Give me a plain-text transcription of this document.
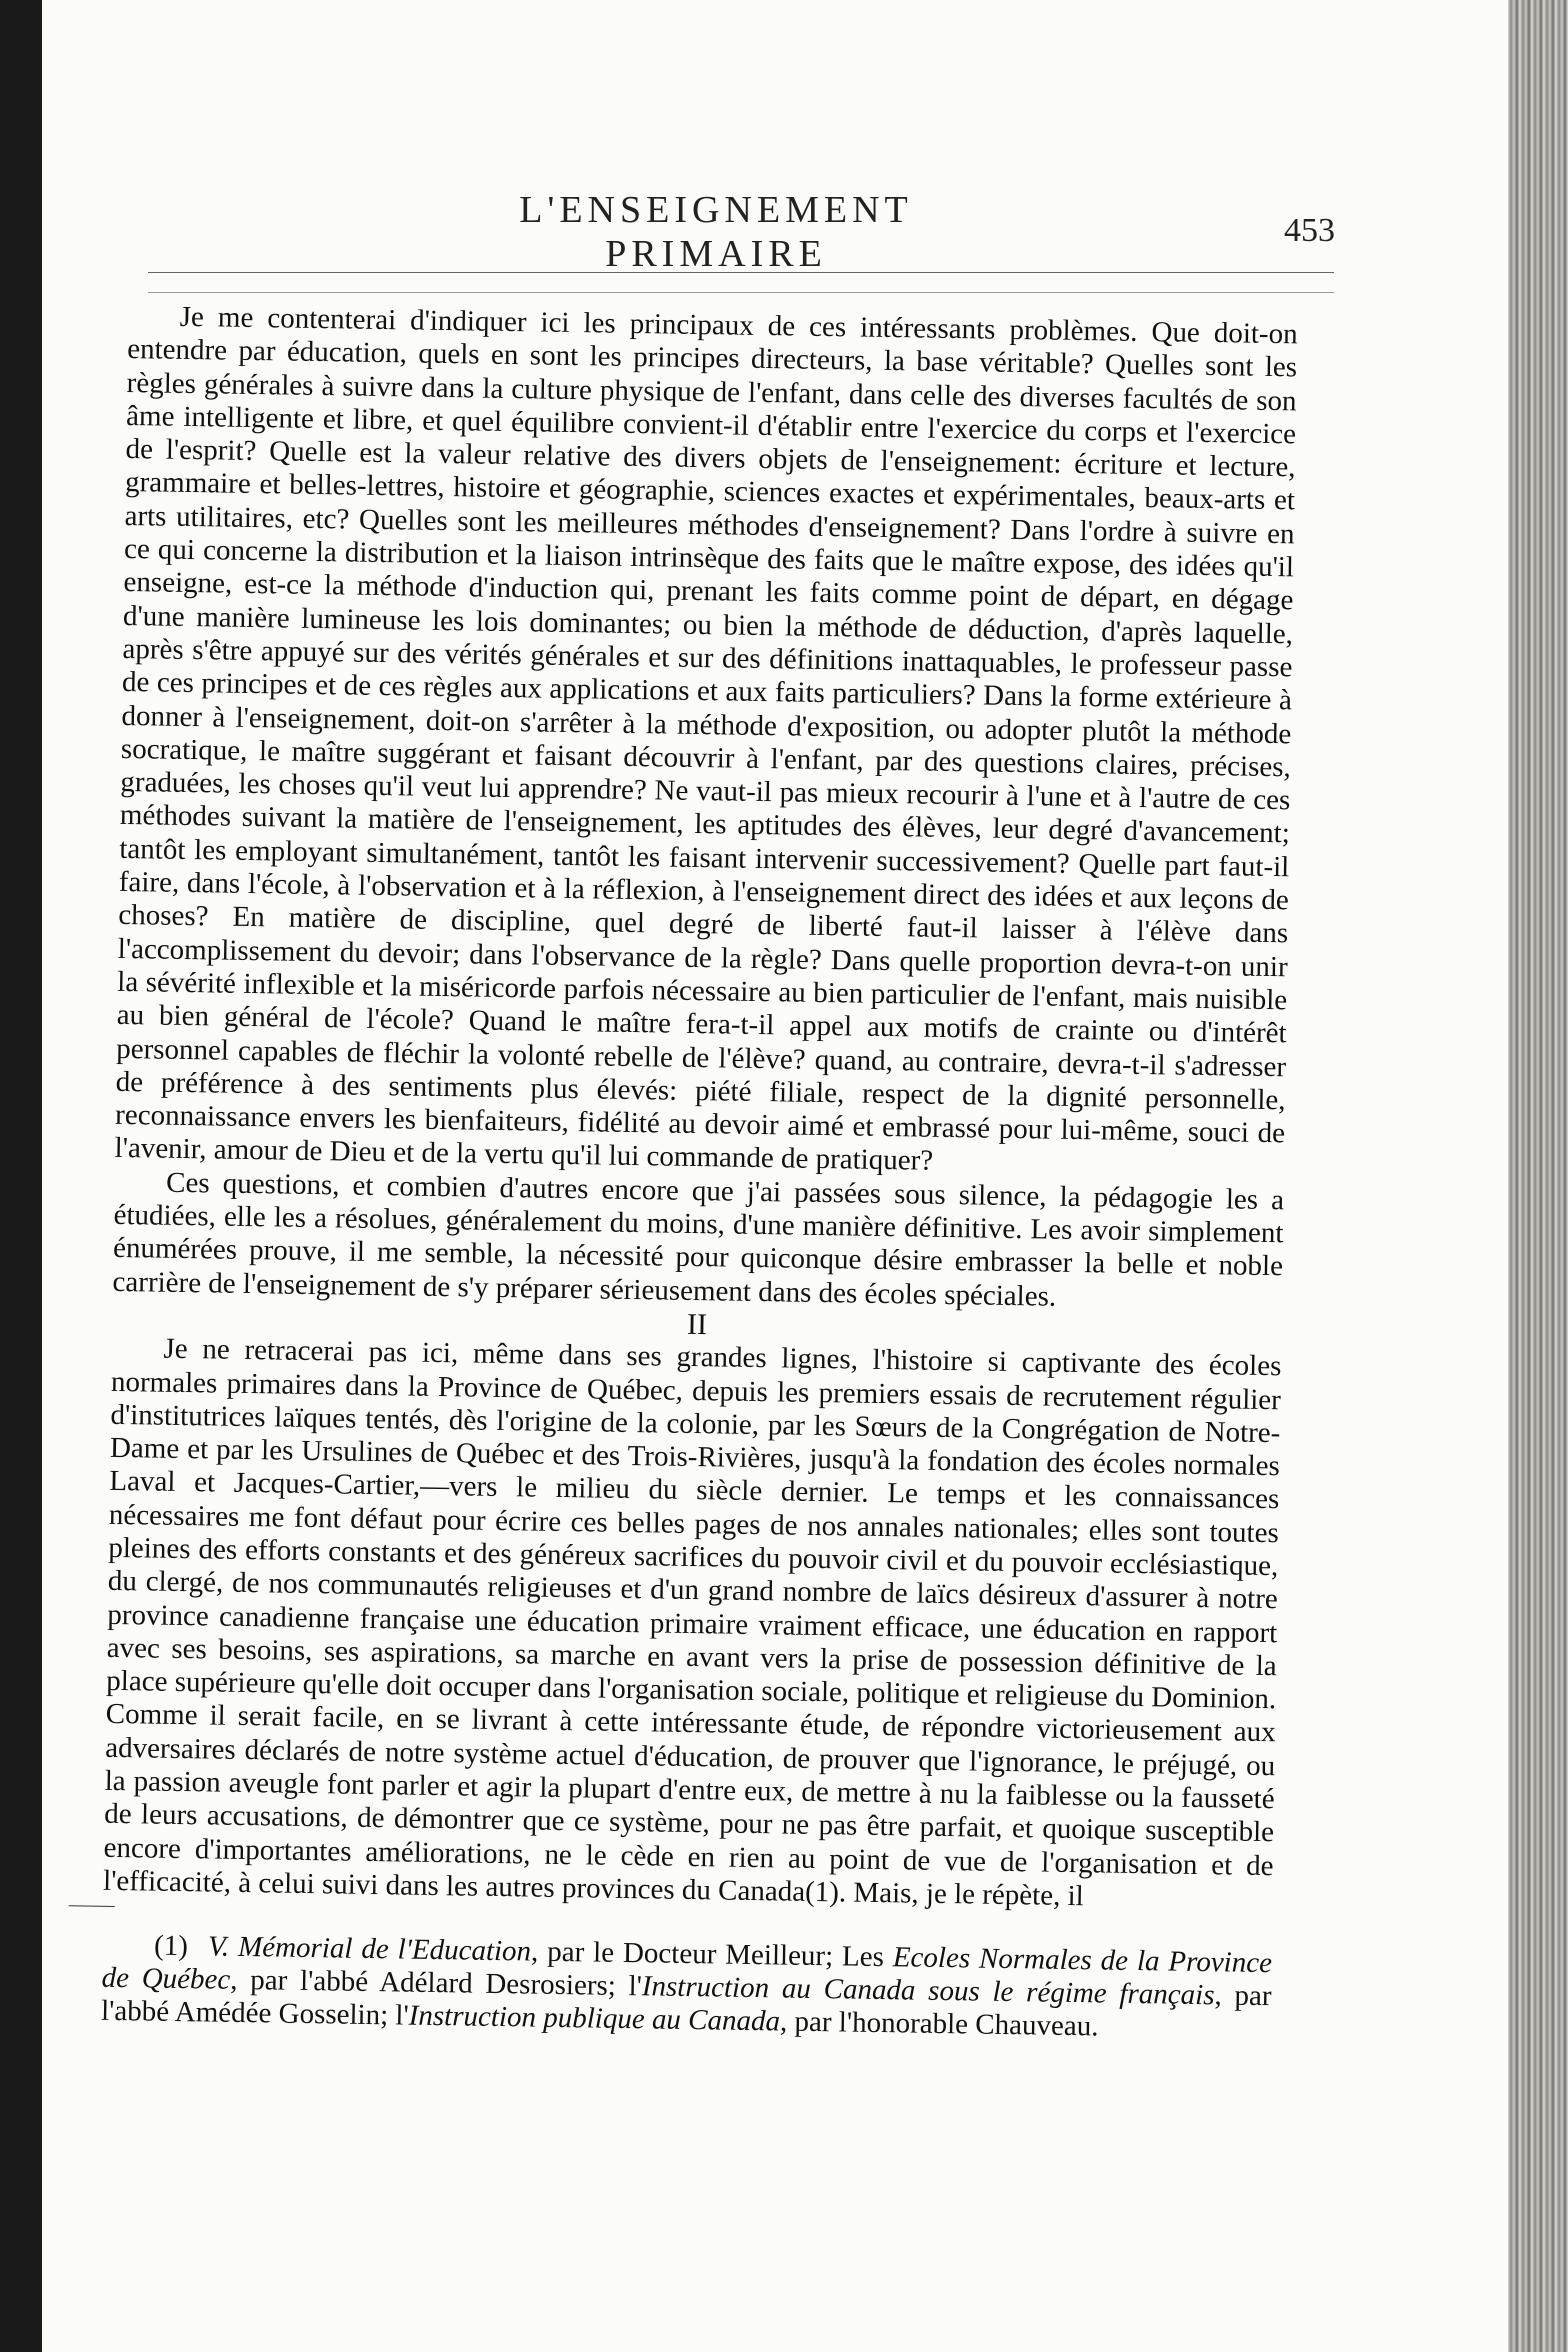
L'ENSEIGNEMENT PRIMAIRE
453

Je me contenterai d'indiquer ici les principaux de ces intéressants problèmes. Que doit-on entendre par éducation, quels en sont les principes directeurs, la base véritable? Quelles sont les règles générales à suivre dans la culture physique de l'enfant, dans celle des diverses facultés de son âme intelligente et libre, et quel équilibre convient-il d'établir entre l'exercice du corps et l'exercice de l'esprit? Quelle est la valeur relative des divers objets de l'enseignement: écriture et lecture, grammaire et belles-lettres, histoire et géographie, sciences exactes et expérimentales, beaux-arts et arts utilitaires, etc? Quelles sont les meilleures méthodes d'enseignement? Dans l'ordre à suivre en ce qui concerne la distribution et la liaison intrinsèque des faits que le maître expose, des idées qu'il enseigne, est-ce la méthode d'induction qui, prenant les faits comme point de départ, en dégage d'une manière lumineuse les lois dominantes; ou bien la méthode de déduction, d'après laquelle, après s'être appuyé sur des vérités générales et sur des définitions inattaquables, le professeur passe de ces principes et de ces règles aux applications et aux faits particuliers? Dans la forme extérieure à donner à l'enseignement, doit-on s'arrêter à la méthode d'exposition, ou adopter plutôt la méthode socratique, le maître suggérant et faisant découvrir à l'enfant, par des questions claires, précises, graduées, les choses qu'il veut lui apprendre? Ne vaut-il pas mieux recourir à l'une et à l'autre de ces méthodes suivant la matière de l'enseignement, les aptitudes des élèves, leur degré d'avancement; tantôt les employant simultanément, tantôt les faisant intervenir successivement? Quelle part faut-il faire, dans l'école, à l'observation et à la réflexion, à l'enseignement direct des idées et aux leçons de choses? En matière de discipline, quel degré de liberté faut-il laisser à l'élève dans l'accomplissement du devoir; dans l'observance de la règle? Dans quelle proportion devra-t-on unir la sévérité inflexible et la miséricorde parfois nécessaire au bien particulier de l'enfant, mais nuisible au bien général de l'école? Quand le maître fera-t-il appel aux motifs de crainte ou d'intérêt personnel capables de fléchir la volonté rebelle de l'élève? quand, au contraire, devra-t-il s'adresser de préférence à des sentiments plus élevés: piété filiale, respect de la dignité personnelle, reconnaissance envers les bienfaiteurs, fidélité au devoir aimé et embrassé pour lui-même, souci de l'avenir, amour de Dieu et de la vertu qu'il lui commande de pratiquer?

Ces questions, et combien d'autres encore que j'ai passées sous silence, la pédagogie les a étudiées, elle les a résolues, généralement du moins, d'une manière définitive. Les avoir simplement énumérées prouve, il me semble, la nécessité pour quiconque désire embrasser la belle et noble carrière de l'enseignement de s'y préparer sérieusement dans des écoles spéciales.

II

Je ne retracerai pas ici, même dans ses grandes lignes, l'histoire si captivante des écoles normales primaires dans la Province de Québec, depuis les premiers essais de recrutement régulier d'institutrices laïques tentés, dès l'origine de la colonie, par les Sœurs de la Congrégation de Notre-Dame et par les Ursulines de Québec et des Trois-Rivières, jusqu'à la fondation des écoles normales Laval et Jacques-Cartier,—vers le milieu du siècle dernier. Le temps et les connaissances nécessaires me font défaut pour écrire ces belles pages de nos annales nationales; elles sont toutes pleines des efforts constants et des généreux sacrifices du pouvoir civil et du pouvoir ecclésiastique, du clergé, de nos communautés religieuses et d'un grand nombre de laïcs désireux d'assurer à notre province canadienne française une éducation primaire vraiment efficace, une éducation en rapport avec ses besoins, ses aspirations, sa marche en avant vers la prise de possession définitive de la place supérieure qu'elle doit occuper dans l'organisation sociale, politique et religieuse du Dominion. Comme il serait facile, en se livrant à cette intéressante étude, de répondre victorieusement aux adversaires déclarés de notre système actuel d'éducation, de prouver que l'ignorance, le préjugé, ou la passion aveugle font parler et agir la plupart d'entre eux, de mettre à nu la faiblesse ou la fausseté de leurs accusations, de démontrer que ce système, pour ne pas être parfait, et quoique susceptible encore d'importantes améliorations, ne le cède en rien au point de vue de l'organisation et de l'efficacité, à celui suivi dans les autres provinces du Canada(1). Mais, je le répète, il

(1) V. Mémorial de l'Education, par le Docteur Meilleur; Les Ecoles Normales de la Province de Québec, par l'abbé Adélard Desrosiers; l'Instruction au Canada sous le régime français, par l'abbé Amédée Gosselin; l'Instruction publique au Canada, par l'honorable Chauveau.
